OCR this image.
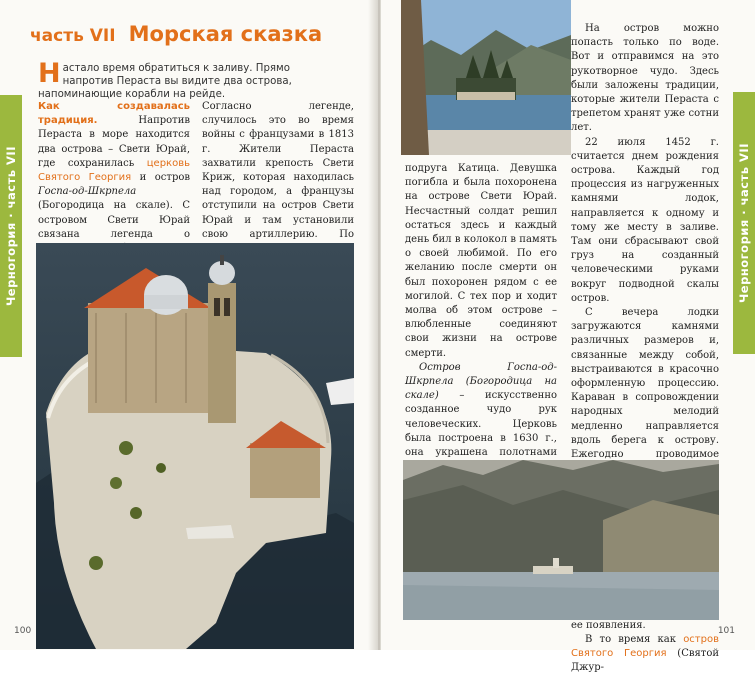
часть VII Морская сказка
Настало время обратиться к заливу. Прямо напротив Пераста вы видите два острова, напоминающие корабли на рейде.
Черногория · часть VII

Как создавалась традиция. Напротив Пераста в море находится два острова – Свети Юрай, где сохранилась церковь Святого Георгия и остров Госпа-од-Шкрпела (Богородица на скале). С островом Свети Юрай связана легенда о

Согласно легенде, случилось это во время войны с французами в 1813 г. Жители Пераста захватили крепость Свети Криж, которая находилась над городом, а французы отступили на остров Свети Юрай и там установили свою артиллерию. По

100
Черногория · часть VII

подруга Катица. Девушка погибла и была похоронена на острове Свети Юрай. Несчастный солдат решил остаться здесь и каждый день бил в колокол в память о своей любимой. По его желанию после смерти он был похоронен рядом с ее могилой. С тех пор и ходит молва об этом острове – влюбленные соединяют свои жизни на острове смерти.

Остров Госпа-од-Шкрпела (Богородица на скале) – искусственно созданное чудо рук человеческих. Церковь была построена в 1630 г., она украшена полотнами

На остров можно попасть только по воде. Вот и отправимся на это рукотворное чудо. Здесь были заложены традиции, которые жители Пераста с трепетом хранят уже сотни лет.

22 июля 1452 г. считается днем рождения острова. Каждый год процессия из нагруженных камнями лодок, направляется к одному и тому же месту в заливе. Там они сбрасывают свой груз на созданный человеческими руками вокруг подводной скалы остров.

С вечера лодки загружаются камнями различных размеров и, связанные между собой, выстраиваются в красочно оформленную процессию. Караван в сопровождении народных мелодий медленно направляется вдоль берега к острову. Ежегодно проводимое ее появления.

В то время как остров Святого Георгия (Святой Джур-

101
